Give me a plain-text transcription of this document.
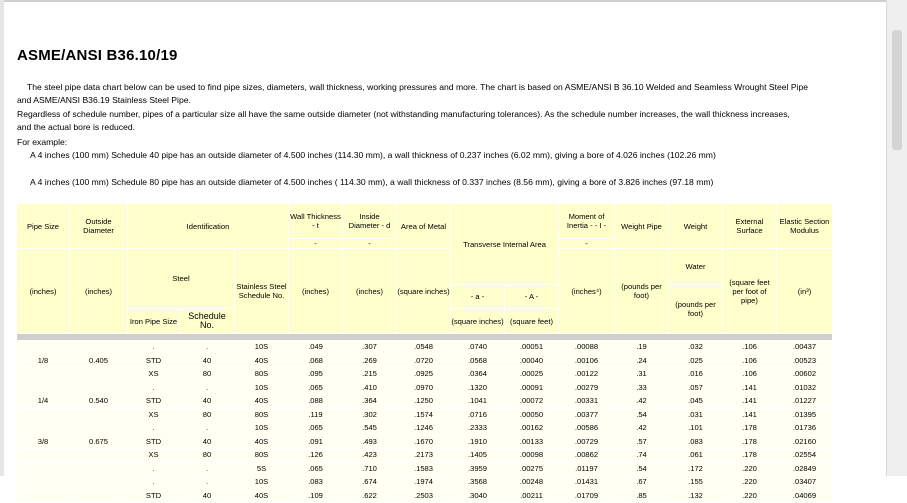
ASME/ANSI B36.10/19
The steel pipe data chart below can be used to find pipe sizes, diameters, wall thickness, working pressures and more. The chart is based on ASME/ANSI B 36.10 Welded and Seamless Wrought Steel Pipe
and ASME/ANSI B36.19 Stainless Steel Pipe.
Regardless of schedule number, pipes of a particular size all have the same outside diameter (not withstanding manufacturing tolerances). As the schedule number increases, the wall thickness increases,
and the actual bore is reduced.
For example:
A 4 inches (100 mm) Schedule 40 pipe has an outside diameter of 4.500 inches (114.30 mm), a wall thickness of 0.237 inches (6.02 mm), giving a bore of 4.026 inches (102.26 mm)
A 4 inches (100 mm) Schedule 80 pipe has an outside diameter of 4.500 inches ( 114.30 mm), a wall thickness of 0.337 inches (8.56 mm), giving a bore of 3.826 inches (97.18 mm)
Pipe Size	Outside Diameter	Identification			Wall Thickness - t	Inside Diameter - d	Area of Metal	Transverse Internal Area		Moment of Inertia - - I -	Weight Pipe	Weight	External Surface	Elastic Section Modulus
					-	-				-				
(inches)	(inches)	Steel		Stainless Steel Schedule No.	(inches)	(inches)	(square inches)			(inches⁴)	(pounds per foot)	Water	(square feet per foot of pipe)	(in³)
								- a -	- A -			(pounds per foot)		
		Iron Pipe Size	Schedule No.					(square inches)	(square feet)					

		.	.	10S	.049	.307	.0548	.0740	.00051	.00088	.19	.032	.106	.00437
1/8	0.405	STD	40	40S	.068	.269	.0720	.0568	.00040	.00106	.24	.025	.106	.00523
		XS	80	80S	.095	.215	.0925	.0364	.00025	.00122	.31	.016	.106	.00602
		.	.	10S	.065	.410	.0970	.1320	.00091	.00279	.33	.057	.141	.01032
1/4	0.540	STD	40	40S	.088	.364	.1250	.1041	.00072	.00331	.42	.045	.141	.01227
		XS	80	80S	.119	.302	.1574	.0716	.00050	.00377	.54	.031	.141	.01395
		.	.	10S	.065	.545	.1246	.2333	.00162	.00586	.42	.101	.178	.01736
3/8	0.675	STD	40	40S	.091	.493	.1670	.1910	.00133	.00729	.57	.083	.178	.02160
		XS	80	80S	.126	.423	.2173	.1405	.00098	.00862	.74	.061	.178	.02554
		.	.	5S	.065	.710	.1583	.3959	.00275	.01197	.54	.172	.220	.02849
		.	.	10S	.083	.674	.1974	.3568	.00248	.01431	.67	.155	.220	.03407
		STD	40	40S	.109	.622	.2503	.3040	.00211	.01709	.85	.132	.220	.04069
